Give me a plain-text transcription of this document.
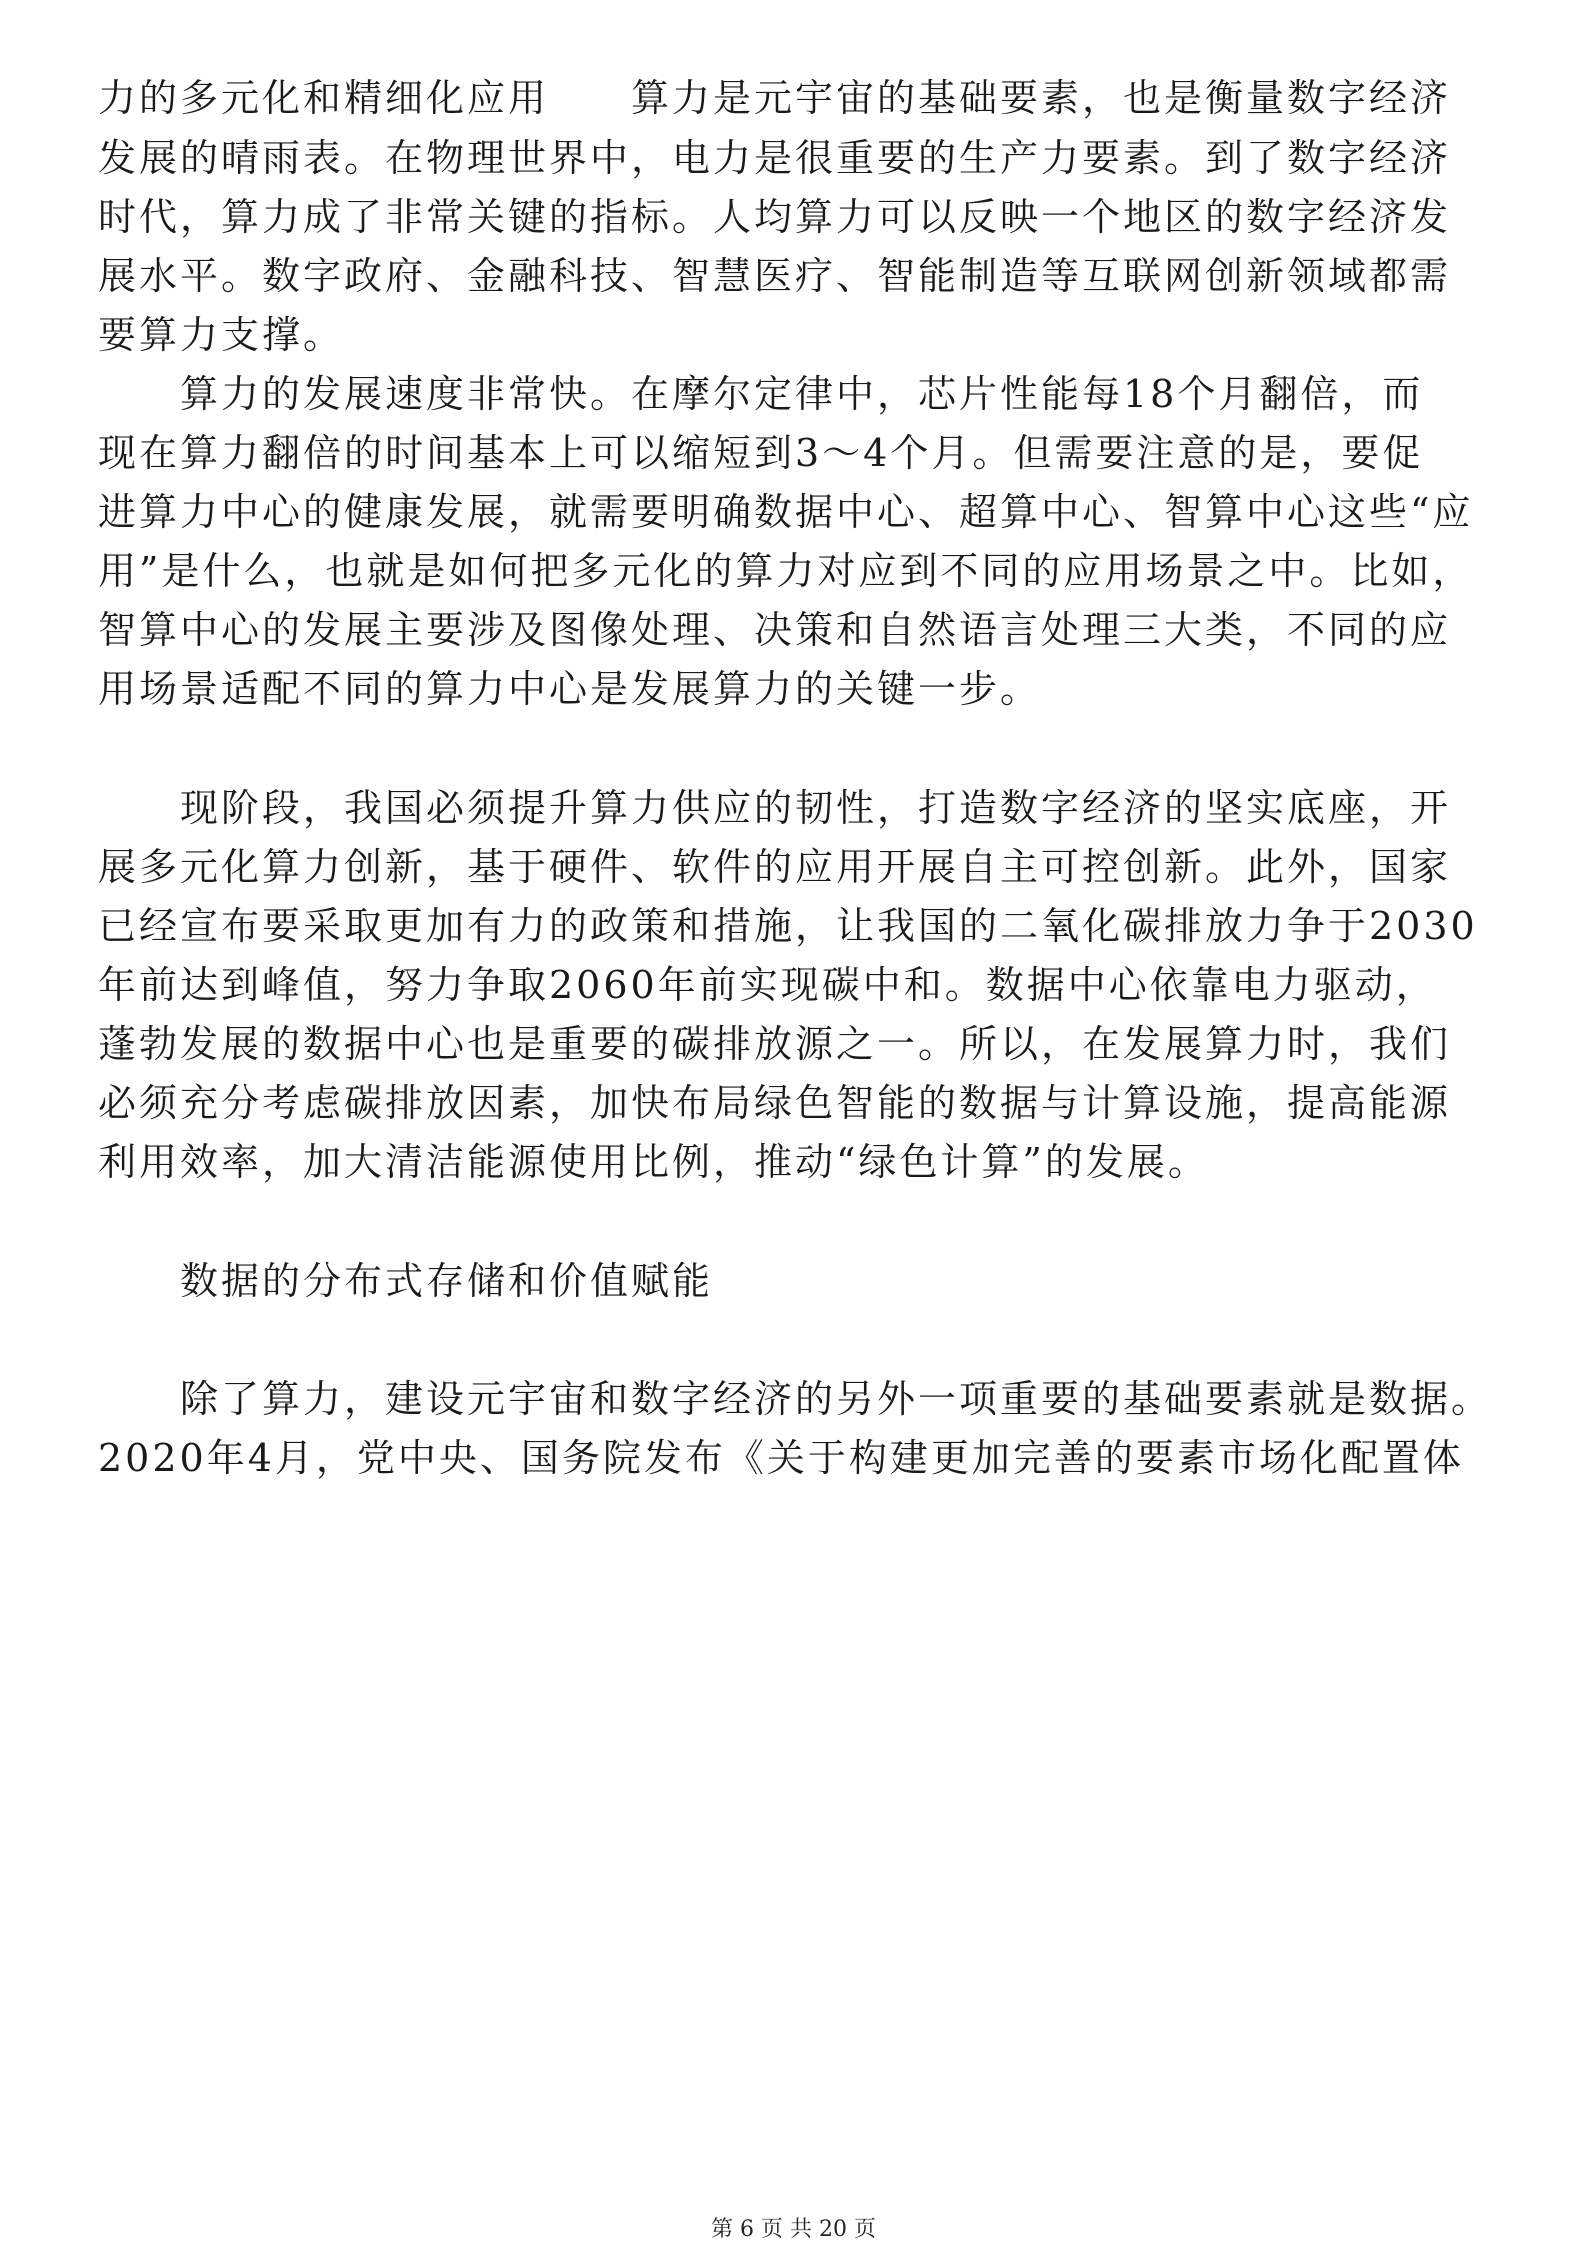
力的多元化和精细化应用　　算力是元宇宙的基础要素，也是衡量数字经济
发展的晴雨表。在物理世界中，电力是很重要的生产力要素。到了数字经济
时代，算力成了非常关键的指标。人均算力可以反映一个地区的数字经济发
展水平。数字政府、金融科技、智慧医疗、智能制造等互联网创新领域都需
要算力支撑。
　　算力的发展速度非常快。在摩尔定律中，芯片性能每18个月翻倍，而
现在算力翻倍的时间基本上可以缩短到3～4个月。但需要注意的是，要促
进算力中心的健康发展，就需要明确数据中心、超算中心、智算中心这些“应
用”是什么，也就是如何把多元化的算力对应到不同的应用场景之中。比如，
智算中心的发展主要涉及图像处理、决策和自然语言处理三大类，不同的应
用场景适配不同的算力中心是发展算力的关键一步。
　　现阶段，我国必须提升算力供应的韧性，打造数字经济的坚实底座，开
展多元化算力创新，基于硬件、软件的应用开展自主可控创新。此外，国家
已经宣布要采取更加有力的政策和措施，让我国的二氧化碳排放力争于2030
年前达到峰值，努力争取2060年前实现碳中和。数据中心依靠电力驱动，
蓬勃发展的数据中心也是重要的碳排放源之一。所以，在发展算力时，我们
必须充分考虑碳排放因素，加快布局绿色智能的数据与计算设施，提高能源
利用效率，加大清洁能源使用比例，推动“绿色计算”的发展。
　　数据的分布式存储和价值赋能
　　除了算力，建设元宇宙和数字经济的另外一项重要的基础要素就是数据。
2020年4月，党中央、国务院发布《关于构建更加完善的要素市场化配置体
第 6 页 共 20 页
